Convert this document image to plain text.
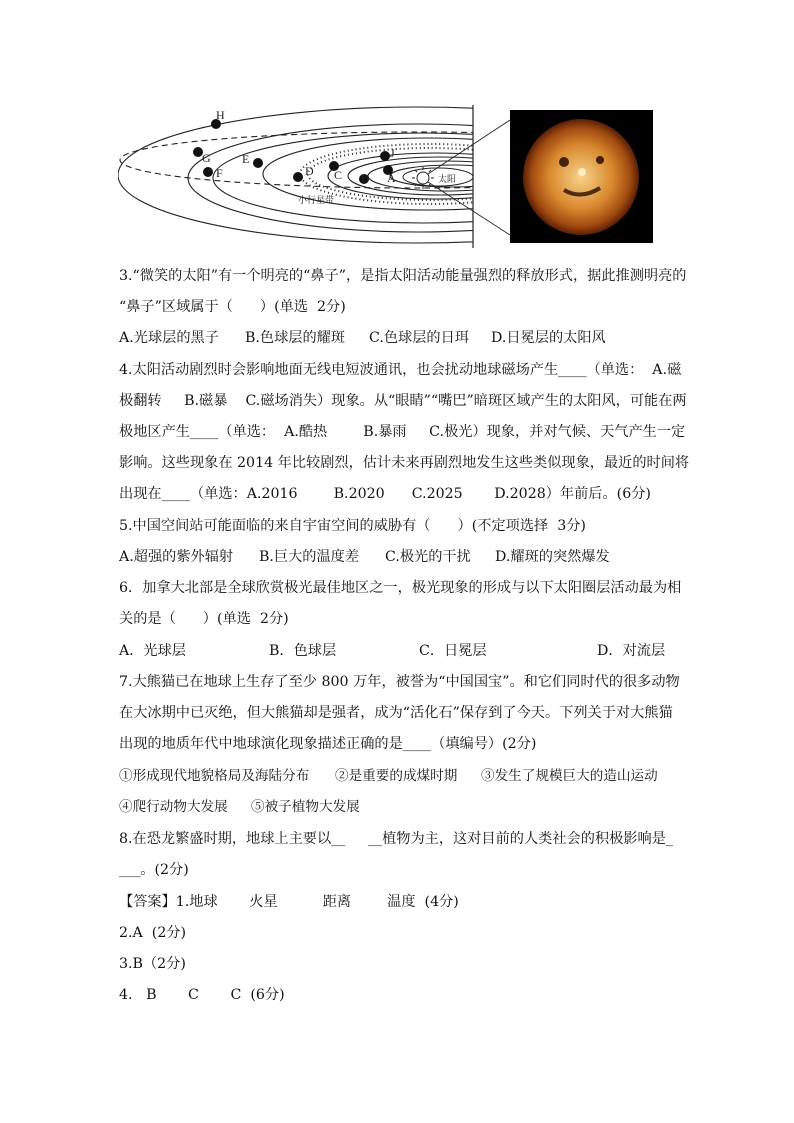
太阳
H
G	E
F	D C B A
J
小行星带
3.“微笑的太阳”有一个明亮的“鼻子”，是指太阳活动能量强烈的释放形式，据此推测明亮的
“鼻子”区域属于（      ）(单选  2分)
A.光球层的黑子 B.色球层的耀斑 C.色球层的日珥 D.日冕层的太阳风
4.太阳活动剧烈时会影响地面无线电短波通讯，也会扰动地球磁场产生____（单选：  A.磁
极翻转     B.磁暴    C.磁场消失）现象。从“眼睛”“嘴巴”暗斑区域产生的太阳风，可能在两
极地区产生____（单选：  A.酷热        B.暴雨     C.极光）现象，并对气候、天气产生一定
影响。这些现象在 2014 年比较剧烈，估计未来再剧烈地发生这些类似现象，最近的时间将
出现在____（单选：A.2016        B.2020      C.2025       D.2028）年前后。(6分)
5.中国空间站可能面临的来自宇宙空间的威胁有（      ）(不定项选择  3分)
A.超强的紫外辐射 B.巨大的温度差 C.极光的干扰 D.耀斑的突然爆发
6．加拿大北部是全球欣赏极光最佳地区之一，极光现象的形成与以下太阳圈层活动最为相
关的是（      ）(单选  2分)
A．光球层	B．色球层	C．日冕层	D．对流层
7.大熊猫已在地球上生存了至少 800 万年，被誉为“中国国宝”。和它们同时代的很多动物
在大冰期中已灭绝，但大熊猫却是强者，成为“活化石”保存到了今天。下列关于对大熊猫
出现的地质年代中地球演化现象描述正确的是____（填编号）(2分)
①形成现代地貌格局及海陆分布 ②是重要的成煤时期 ③发生了规模巨大的造山运动
④爬行动物大发展 ⑤被子植物大发展
8.在恐龙繁盛时期，地球上主要以__     __植物为主，这对目前的人类社会的积极影响是_
___。(2分)
【答案】1.地球       火星          距离        温度  (4分)
2.A  (2分)
3.B（2分)
4.   B       C       C  (6分)
